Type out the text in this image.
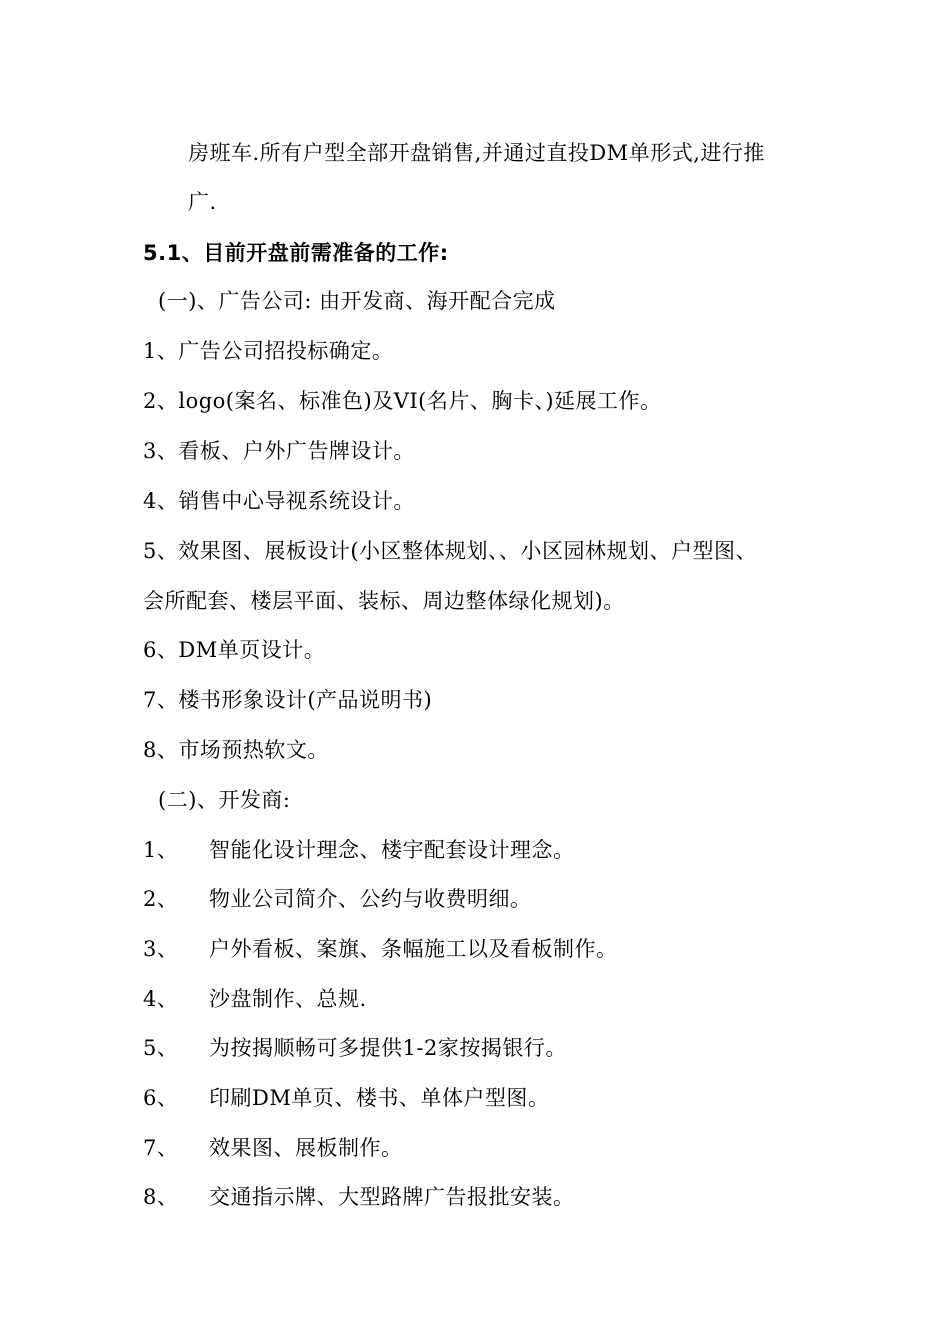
房班车.所有户型全部开盘销售,并通过直投DM单形式,进行推
广.
5.1、目前开盘前需准备的工作:
(一)、广告公司: 由开发商、海开配合完成
1、广告公司招投标确定。
2、logo(案名、标准色)及VI(名片、胸卡、)延展工作。
3、看板、户外广告牌设计。
4、销售中心导视系统设计。
5、效果图、展板设计(小区整体规划、、小区园林规划、户型图、
会所配套、楼层平面、装标、周边整体绿化规划)。
6、DM单页设计。
7、楼书形象设计(产品说明书)
8、市场预热软文。
(二)、开发商:
1、 智能化设计理念、楼宇配套设计理念。
2、 物业公司简介、公约与收费明细。
3、 户外看板、案旗、条幅施工以及看板制作。
4、 沙盘制作、总规.
5、 为按揭顺畅可多提供1-2家按揭银行。
6、 印刷DM单页、楼书、单体户型图。
7、 效果图、展板制作。
8、 交通指示牌、大型路牌广告报批安装。
